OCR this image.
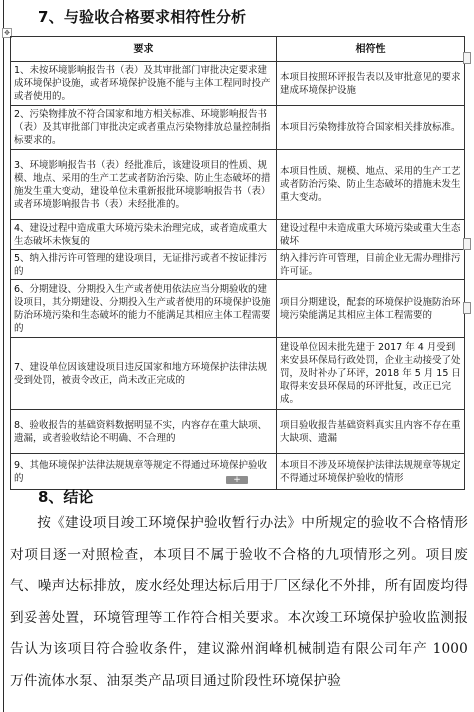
7、与验收合格要求相符性分析
✥
要求	相符性
1、未按环境影响报告书（表）及其审批部门审批决定要求建成环境保护设施，或者环境保护设施不能与主体工程同时投产或者使用的。	本项目按照环评报告表以及审批意见的要求建成环境保护设施
2、污染物排放不符合国家和地方相关标准、环境影响报告书（表）及其审批部门审批决定或者重点污染物排放总量控制指标要求的。	本项目污染物排放符合国家相关排放标准。
3、环境影响报告书（表）经批准后，该建设项目的性质、规模、地点、采用的生产工艺或者防治污染、防止生态破坏的措施发生重大变动，建设单位未重新报批环境影响报告书（表）或者环境影响报告书（表）未经批准的。	本项目性质、规模、地点、采用的生产工艺或者防治污染、防止生态破坏的措施未发生重大变动。
4、建设过程中造成重大环境污染未治理完成，或者造成重大生态破坏未恢复的	建设过程中未造成重大环境污染或重大生态破坏
5、纳入排污许可管理的建设项目，无证排污或者不按证排污的	纳入排污许可管理，目前企业无需办理排污许可证。
6、分期建设、分期投入生产或者使用依法应当分期验收的建设项目，其分期建设、分期投入生产或者使用的环境保护设施防治环境污染和生态破坏的能力不能满足其相应主体工程需要的	项目分期建设，配套的环境保护设施防治环境污染能满足其相应主体工程需要的
7、建设单位因该建设项目违反国家和地方环境保护法律法规受到处罚，被责令改正，尚未改正完成的	建设单位因未批先建于 2017 年 4 月受到来安县环保局行政处罚，企业主动接受了处罚，及时补办了环评，2018 年 5 月 15 日取得来安县环保局的环评批复，改正已完成。
8、验收报告的基础资料数据明显不实，内容存在重大缺项、遗漏，或者验收结论不明确、不合理的	项目验收报告基础资料真实且内容不存在重大缺项、遗漏
9、其他环境保护法律法规规章等规定不得通过环境保护验收的	本项目不涉及环境保护法律法规规章等规定不得通过环境保护验收的情形
+
8、结论

按《建设项目竣工环境保护验收暂行办法》中所规定的验收不合格情形对项目逐一对照检查，本项目不属于验收不合格的九项情形之列。项目废气、噪声达标排放，废水经处理达标后用于厂区绿化不外排，所有固废均得到妥善处置，环境管理等工作符合相关要求。本次竣工环境保护验收监测报告认为该项目符合验收条件，建议滁州润峰机械制造有限公司年产 1000 万件流体水泵、油泵类产品项目通过阶段性环境保护验
